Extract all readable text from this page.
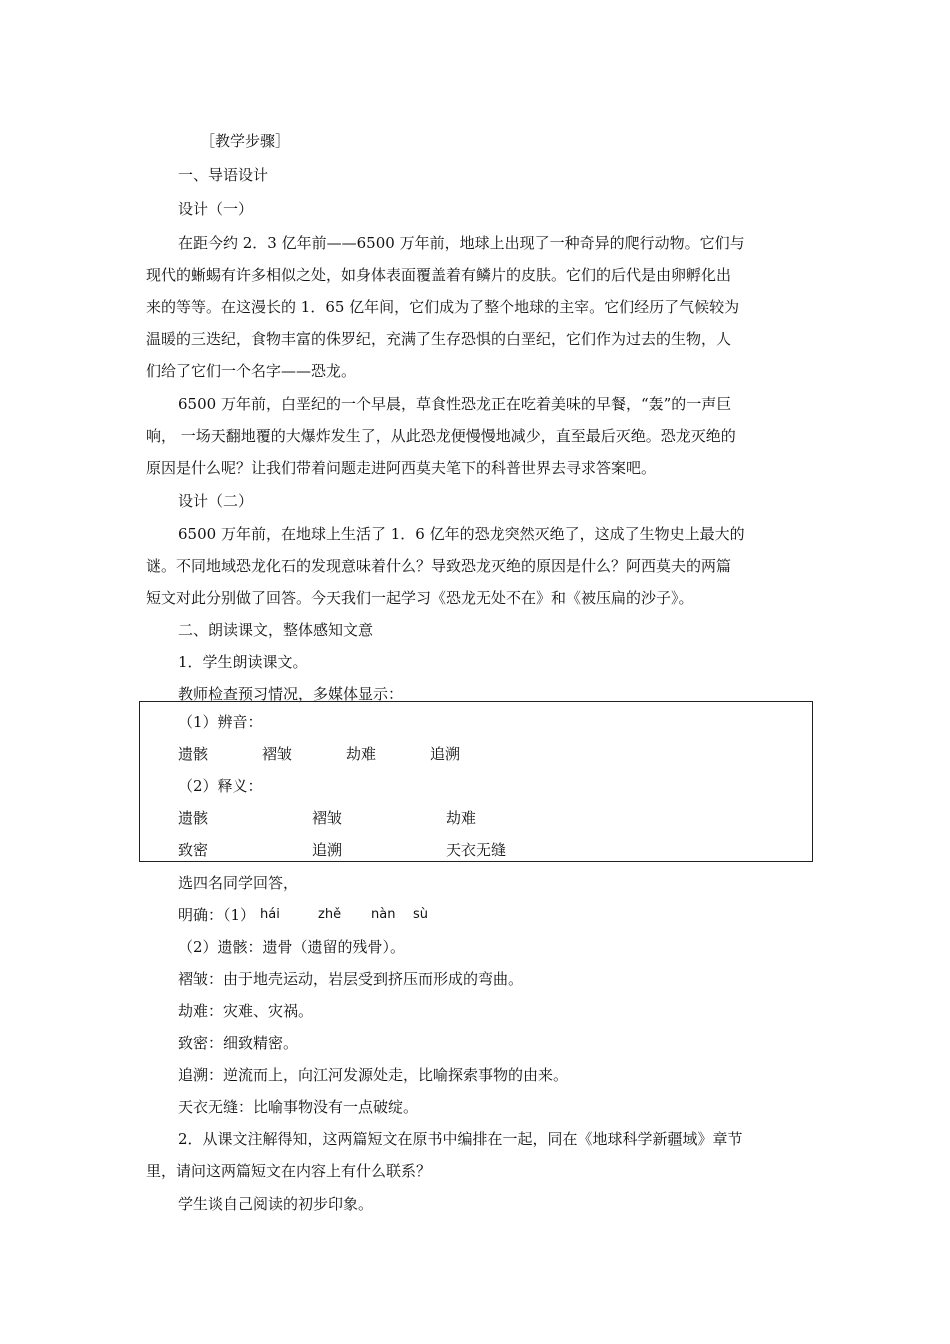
［教学步骤］
一、导语设计
设计（一）
在距今约 2．3 亿年前——6500 万年前，地球上出现了一种奇异的爬行动物。它们与
现代的蜥蜴有许多相似之处，如身体表面覆盖着有鳞片的皮肤。它们的后代是由卵孵化出
来的等等。在这漫长的 1．65 亿年间，它们成为了整个地球的主宰。它们经历了气候较为
温暖的三迭纪，食物丰富的侏罗纪，充满了生存恐惧的白垩纪，它们作为过去的生物，人
们给了它们一个名字——恐龙。
6500 万年前，白垩纪的一个早晨，草食性恐龙正在吃着美味的早餐，“轰”的一声巨
响， 一场天翻地覆的大爆炸发生了，从此恐龙便慢慢地减少，直至最后灭绝。恐龙灭绝的
原因是什么呢？让我们带着问题走进阿西莫夫笔下的科普世界去寻求答案吧。
设计（二）
6500 万年前，在地球上生活了 1．6 亿年的恐龙突然灭绝了，这成了生物史上最大的
谜。不同地域恐龙化石的发现意味着什么？导致恐龙灭绝的原因是什么？阿西莫夫的两篇
短文对此分别做了回答。今天我们一起学习《恐龙无处不在》和《被压扁的沙子》。
二、朗读课文，整体感知文意
1．学生朗读课文。
教师检查预习情况，多媒体显示：
（1）辨音：
遗骸	褶皱	劫难	追溯
（2）释义：
遗骸	褶皱	劫难
致密	追溯	天衣无缝
选四名同学回答，
明确：（1） hái	zhě nàn sù
（2）遗骸：遗骨（遗留的残骨）。
褶皱：由于地壳运动，岩层受到挤压而形成的弯曲。
劫难：灾难、灾祸。
致密：细致精密。
追溯：逆流而上，向江河发源处走，比喻探索事物的由来。
天衣无缝：比喻事物没有一点破绽。
2．从课文注解得知，这两篇短文在原书中编排在一起，同在《地球科学新疆域》章节
里，请问这两篇短文在内容上有什么联系？
学生谈自己阅读的初步印象。
